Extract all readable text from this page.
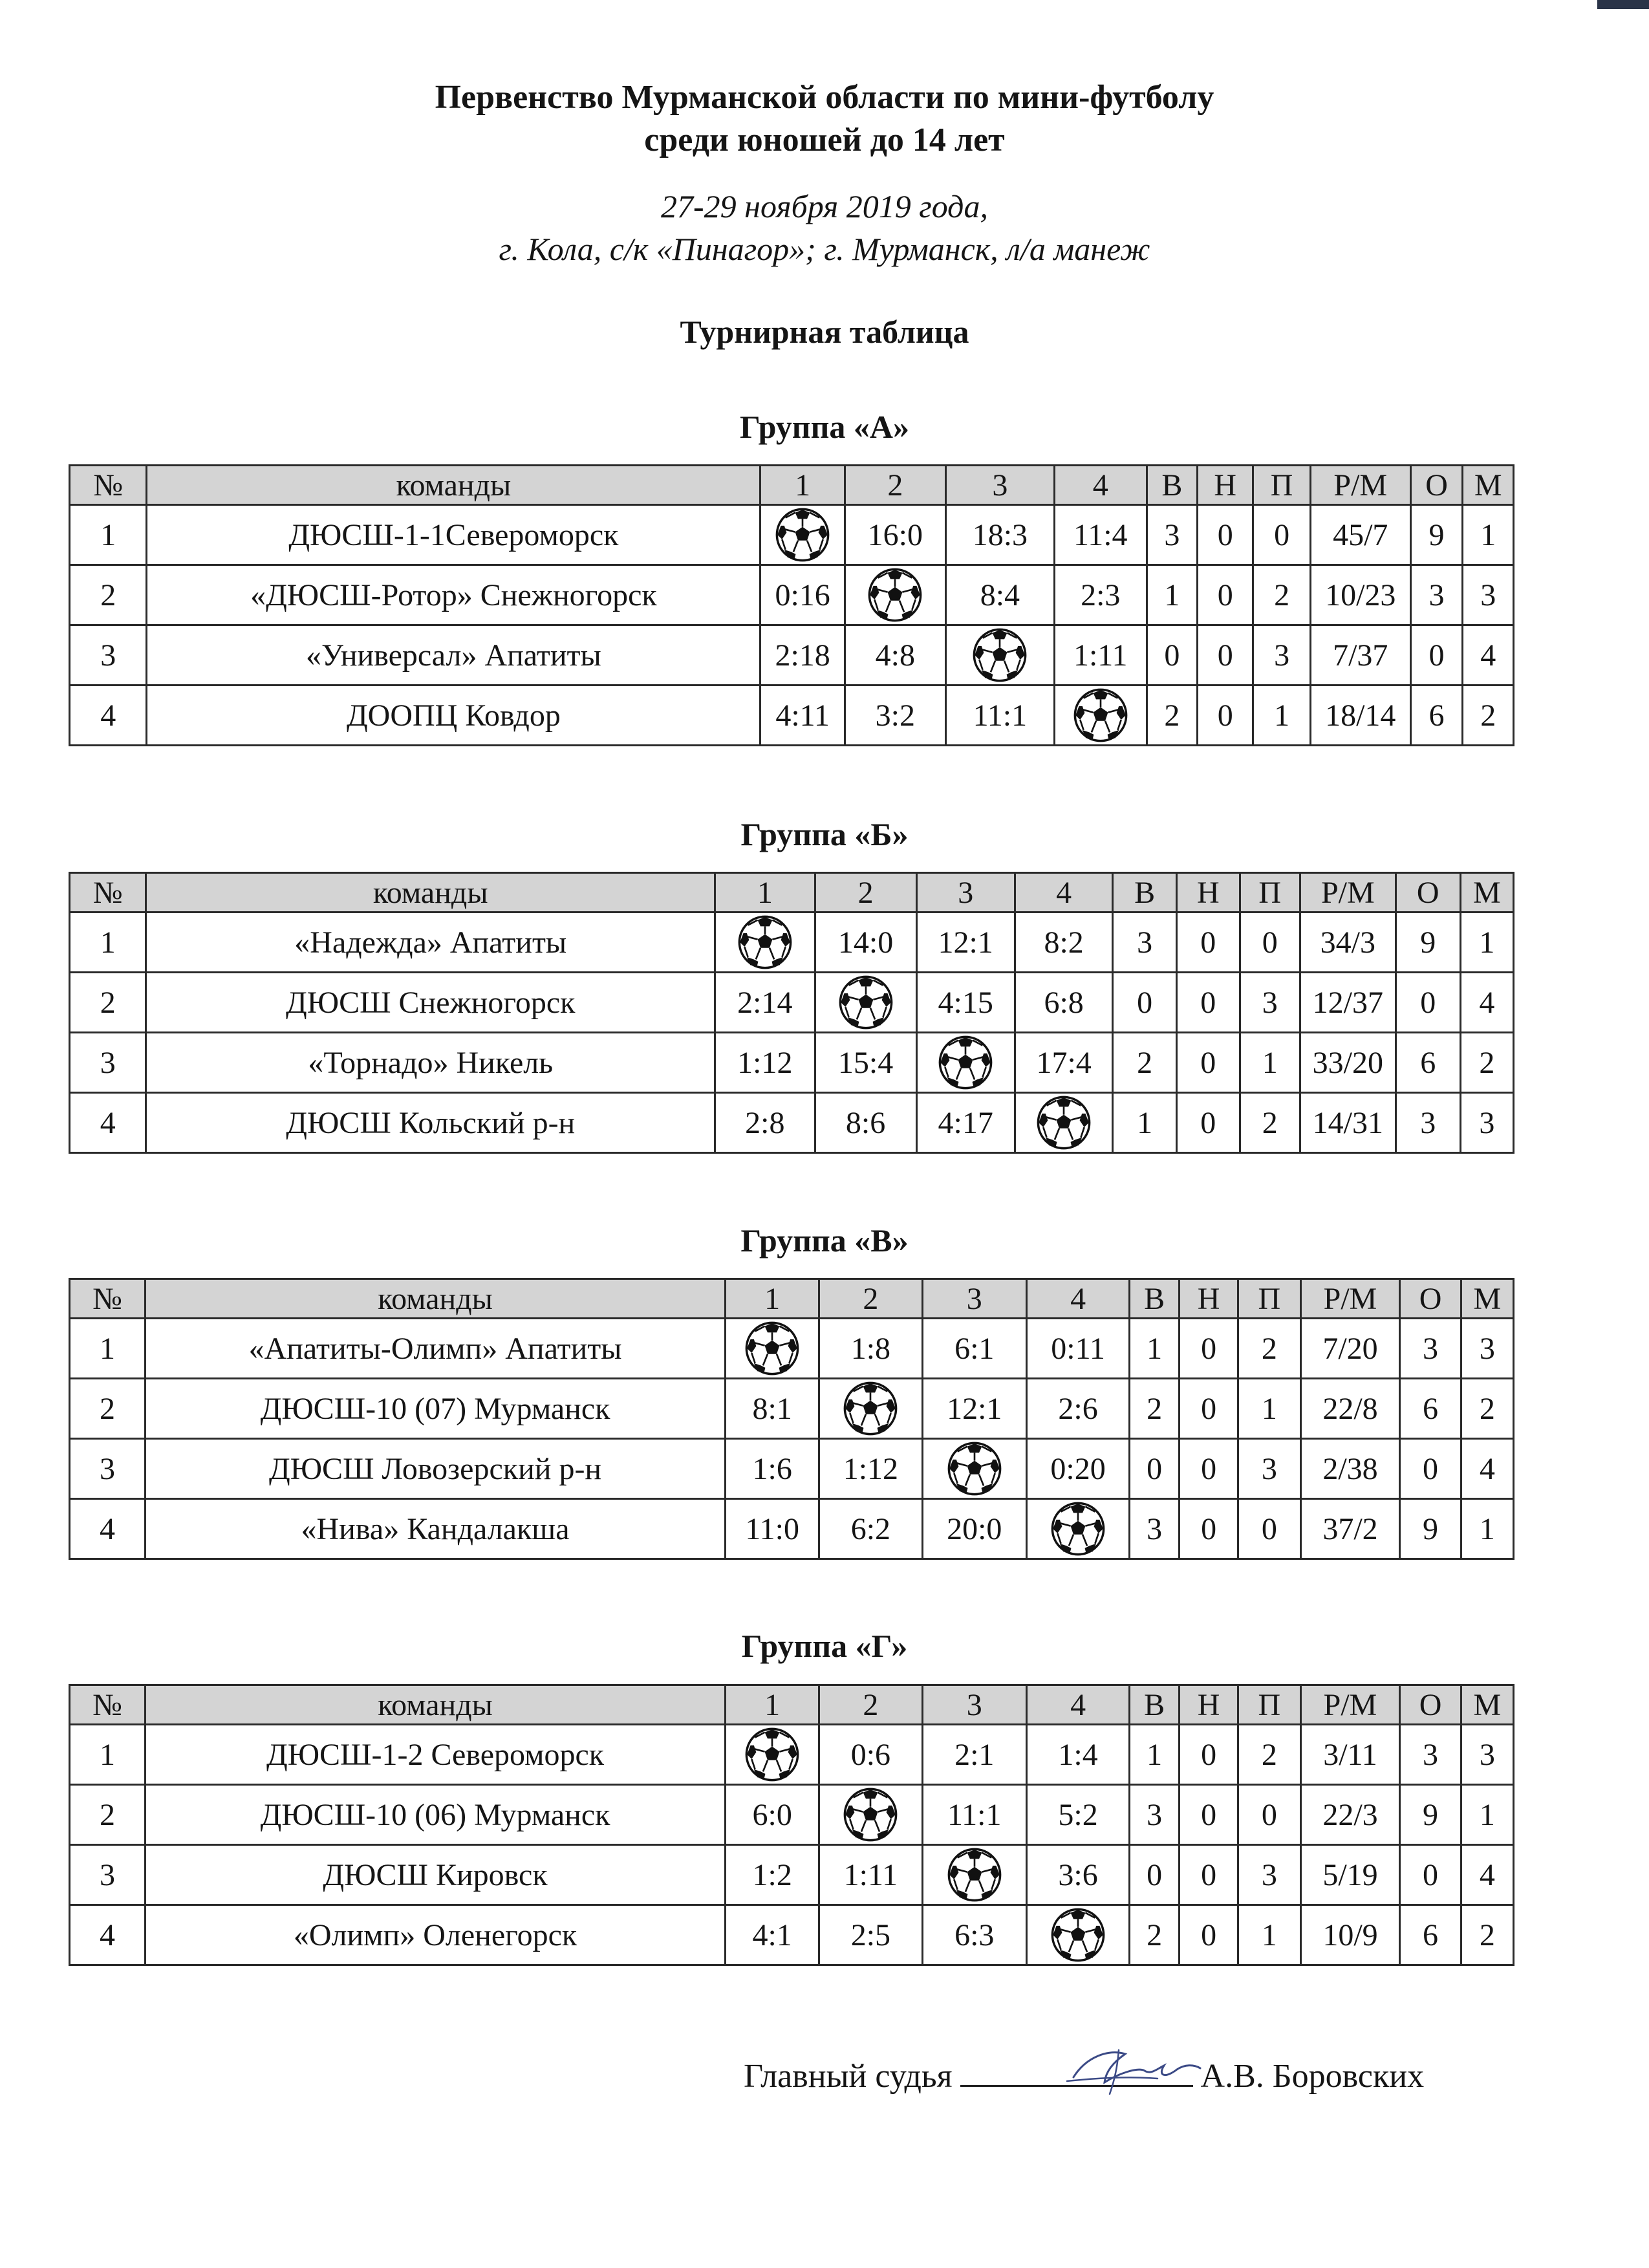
Первенство Мурманской области по мини-футболу
среди юношей до 14 лет
27-29 ноября 2019 года,
г. Кола, с/к «Пинагор»; г. Мурманск, л/а манеж
Турнирная таблица
Группа «А»
№	команды	1	2	3	4	В	Н	П	Р/М	О	М
1	ДЮСШ-1-1Североморск		16:0	18:3	11:4	3	0	0	45/7	9	1
2	«ДЮСШ-Ротор» Снежногорск	0:16		8:4	2:3	1	0	2	10/23	3	3
3	«Универсал» Апатиты	2:18	4:8		1:11	0	0	3	7/37	0	4
4	ДООПЦ Ковдор	4:11	3:2	11:1		2	0	1	18/14	6	2
Группа «Б»
№	команды	1	2	3	4	В	Н	П	Р/М	О	М
1	«Надежда» Апатиты		14:0	12:1	8:2	3	0	0	34/3	9	1
2	ДЮСШ Снежногорск	2:14		4:15	6:8	0	0	3	12/37	0	4
3	«Торнадо» Никель	1:12	15:4		17:4	2	0	1	33/20	6	2
4	ДЮСШ Кольский р-н	2:8	8:6	4:17		1	0	2	14/31	3	3
Группа «В»
№	команды	1	2	3	4	В	Н	П	Р/М	О	М
1	«Апатиты-Олимп» Апатиты		1:8	6:1	0:11	1	0	2	7/20	3	3
2	ДЮСШ-10 (07) Мурманск	8:1		12:1	2:6	2	0	1	22/8	6	2
3	ДЮСШ Ловозерский р-н	1:6	1:12		0:20	0	0	3	2/38	0	4
4	«Нива» Кандалакша	11:0	6:2	20:0		3	0	0	37/2	9	1
Группа «Г»
№	команды	1	2	3	4	В	Н	П	Р/М	О	М
1	ДЮСШ-1-2 Североморск		0:6	2:1	1:4	1	0	2	3/11	3	3
2	ДЮСШ-10 (06) Мурманск	6:0		11:1	5:2	3	0	0	22/3	9	1
3	ДЮСШ Кировск	1:2	1:11		3:6	0	0	3	5/19	0	4
4	«Олимп» Оленегорск	4:1	2:5	6:3		2	0	1	10/9	6	2
Главный судья	А.В. Боровских
